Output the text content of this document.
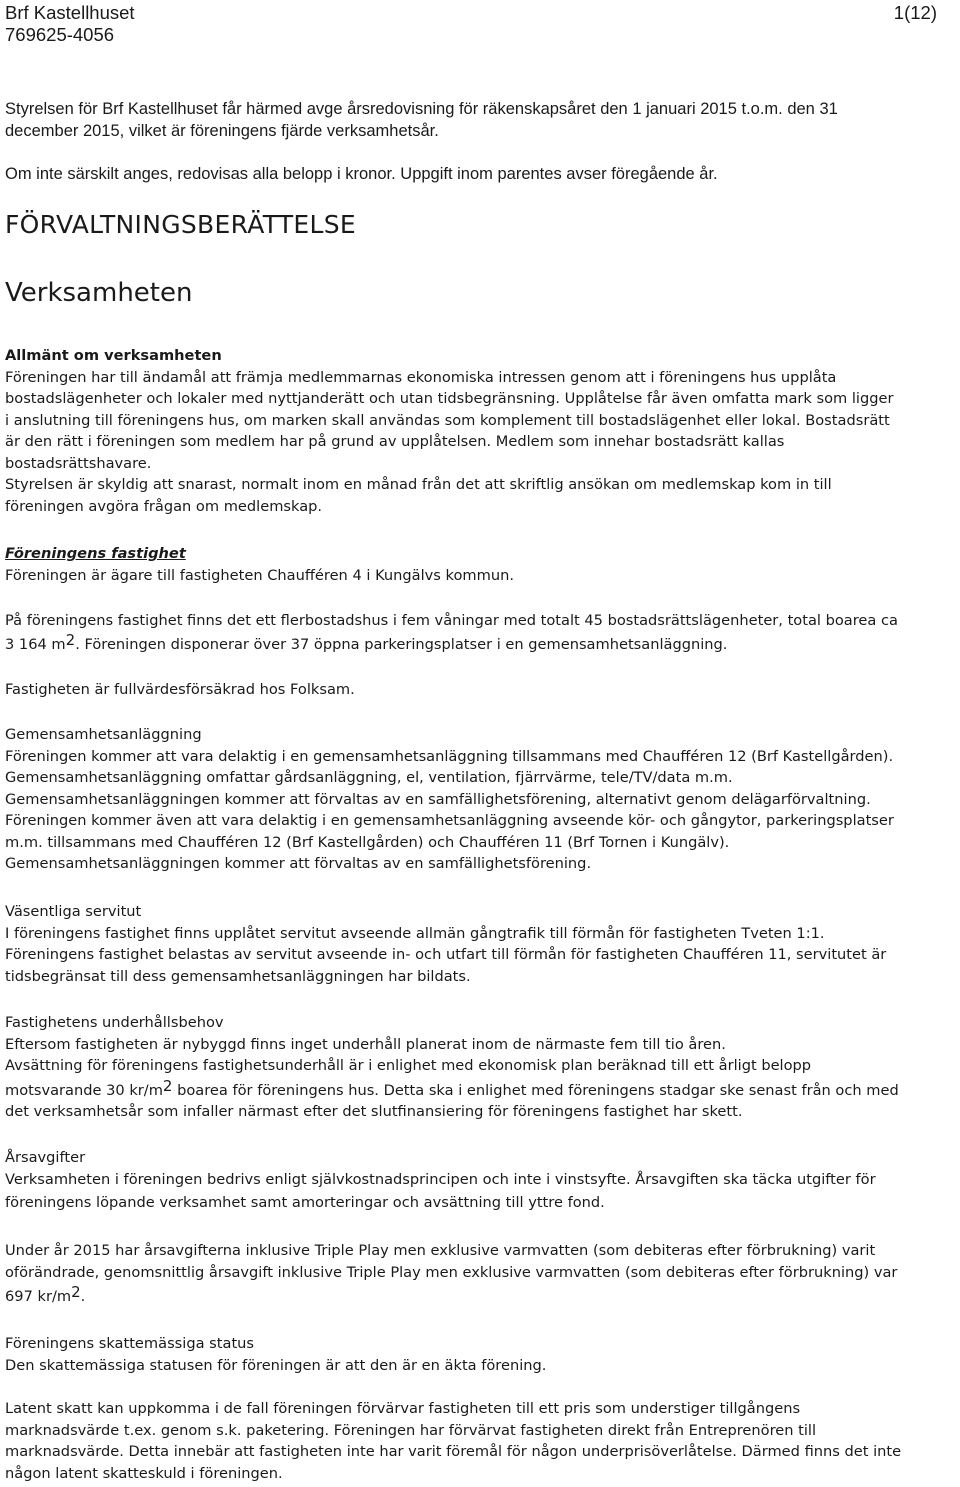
Brf Kastellhuset
769625-4056
1(12)

Styrelsen för Brf Kastellhuset får härmed avge årsredovisning för räkenskapsåret den 1 januari 2015 t.o.m. den 31
december 2015, vilket är föreningens fjärde verksamhetsår.

Om inte särskilt anges, redovisas alla belopp i kronor. Uppgift inom parentes avser föregående år.

FÖRVALTNINGSBERÄTTELSE
Verksamheten
Allmänt om verksamheten
Föreningen har till ändamål att främja medlemmarnas ekonomiska intressen genom att i föreningens hus upplåta
bostadslägenheter och lokaler med nyttjanderätt och utan tidsbegränsning. Upplåtelse får även omfatta mark som ligger
i anslutning till föreningens hus, om marken skall användas som komplement till bostadslägenhet eller lokal. Bostadsrätt
är den rätt i föreningen som medlem har på grund av upplåtelsen. Medlem som innehar bostadsrätt kallas
bostadsrättshavare.
Styrelsen är skyldig att snarast, normalt inom en månad från det att skriftlig ansökan om medlemskap kom in till
föreningen avgöra frågan om medlemskap.
Föreningens fastighet
Föreningen är ägare till fastigheten Chaufféren 4 i Kungälvs kommun.
På föreningens fastighet finns det ett flerbostadshus i fem våningar med totalt 45 bostadsrättslägenheter, total boarea ca
3 164 $m^2$. Föreningen disponerar över 37 öppna parkeringsplatser i en gemensamhetsanläggning.
Fastigheten är fullvärdesförsäkrad hos Folksam.
Gemensamhetsanläggning
Föreningen kommer att vara delaktig i en gemensamhetsanläggning tillsammans med Chaufféren 12 (Brf Kastellgården).
Gemensamhetsanläggning omfattar gårdsanläggning, el, ventilation, fjärrvärme, tele/TV/data m.m.
Gemensamhetsanläggningen kommer att förvaltas av en samfällighetsförening, alternativt genom delägarförvaltning.
Föreningen kommer även att vara delaktig i en gemensamhetsanläggning avseende kör- och gångytor, parkeringsplatser
m.m. tillsammans med Chaufféren 12 (Brf Kastellgården) och Chaufféren 11 (Brf Tornen i Kungälv).
Gemensamhetsanläggningen kommer att förvaltas av en samfällighetsförening.
Väsentliga servitut
I föreningens fastighet finns upplåtet servitut avseende allmän gångtrafik till förmån för fastigheten Tveten 1:1.
Föreningens fastighet belastas av servitut avseende in- och utfart till förmån för fastigheten Chaufféren 11, servitutet är
tidsbegränsat till dess gemensamhetsanläggningen har bildats.
Fastighetens underhållsbehov
Eftersom fastigheten är nybyggd finns inget underhåll planerat inom de närmaste fem till tio åren.
Avsättning för föreningens fastighetsunderhåll är i enlighet med ekonomisk plan beräknad till ett årligt belopp
motsvarande 30 $kr/m^2$ boarea för föreningens hus. Detta ska i enlighet med föreningens stadgar ske senast från och med
det verksamhetsår som infaller närmast efter det slutfinansiering för föreningens fastighet har skett.
Årsavgifter
Verksamheten i föreningen bedrivs enligt självkostnadsprincipen och inte i vinstsyfte. Årsavgiften ska täcka utgifter för
föreningens löpande verksamhet samt amorteringar och avsättning till yttre fond.
Under år 2015 har årsavgifterna inklusive Triple Play men exklusive varmvatten (som debiteras efter förbrukning) varit
oförändrade, genomsnittlig årsavgift inklusive Triple Play men exklusive varmvatten (som debiteras efter förbrukning) var
697 $kr/m^2$.
Föreningens skattemässiga status
Den skattemässiga statusen för föreningen är att den är en äkta förening.
Latent skatt kan uppkomma i de fall föreningen förvärvar fastigheten till ett pris som understiger tillgångens
marknadsvärde t.ex. genom s.k. paketering. Föreningen har förvärvat fastigheten direkt från Entreprenören till
marknadsvärde. Detta innebär att fastigheten inte har varit föremål för någon underprisöverlåtelse. Därmed finns det inte
någon latent skatteskuld i föreningen.
